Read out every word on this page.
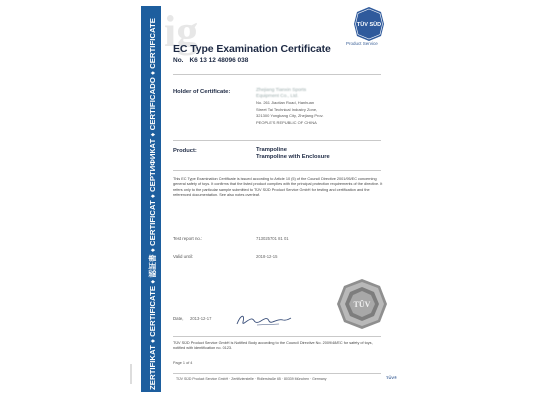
ig
ZERTIFIKAT ♦ CERTIFICATE ♦ 認証書 ♦ CERTIFICAT ♦ СЕРТИФИКАТ ♦ CERTIFICADO ♦ CERTIFICATE
TÜV SÜD
Product Service
EC Type Examination Certificate
No. K6 13 12 48096 038
Holder of Certificate:	Zhejiang Tianxin Sports Equipment Co., Ltd.
No. 261 Jiaotian Road, Hanhuan
Street Tai Technical Industry Zone,
321300 Yongkang City, Zhejiang Prov.
PEOPLE'S REPUBLIC OF CHINA
Product:	Trampoline
Trampoline with Enclosure
This EC Type Examination Certificate is issued according to Article 10 (5) of the Council Directive 2001/95/EC concerning general safety of toys. It confirms that the listed product complies with the principal protection requirements of the directive. It refers only to the particular sample submitted to TÜV SÜD Product Service GmbH for testing and certification and the referenced documentation. See also notes overleaf.
Test report no.:	713025701 81 01
Valid until:	2018-12-15
TÜV
Date, 2013-12-17
TÜV SÜD Product Service GmbH is Notified Body according to the Council Directive No. 2009/48/EC for safety of toys, notified with identification no. 0123.
Page 1 of 4
TÜV SÜD Product Service GmbH · Zertifizierstelle · Ridlerstraße 65 · 80339 München · Germany	TÜV®
